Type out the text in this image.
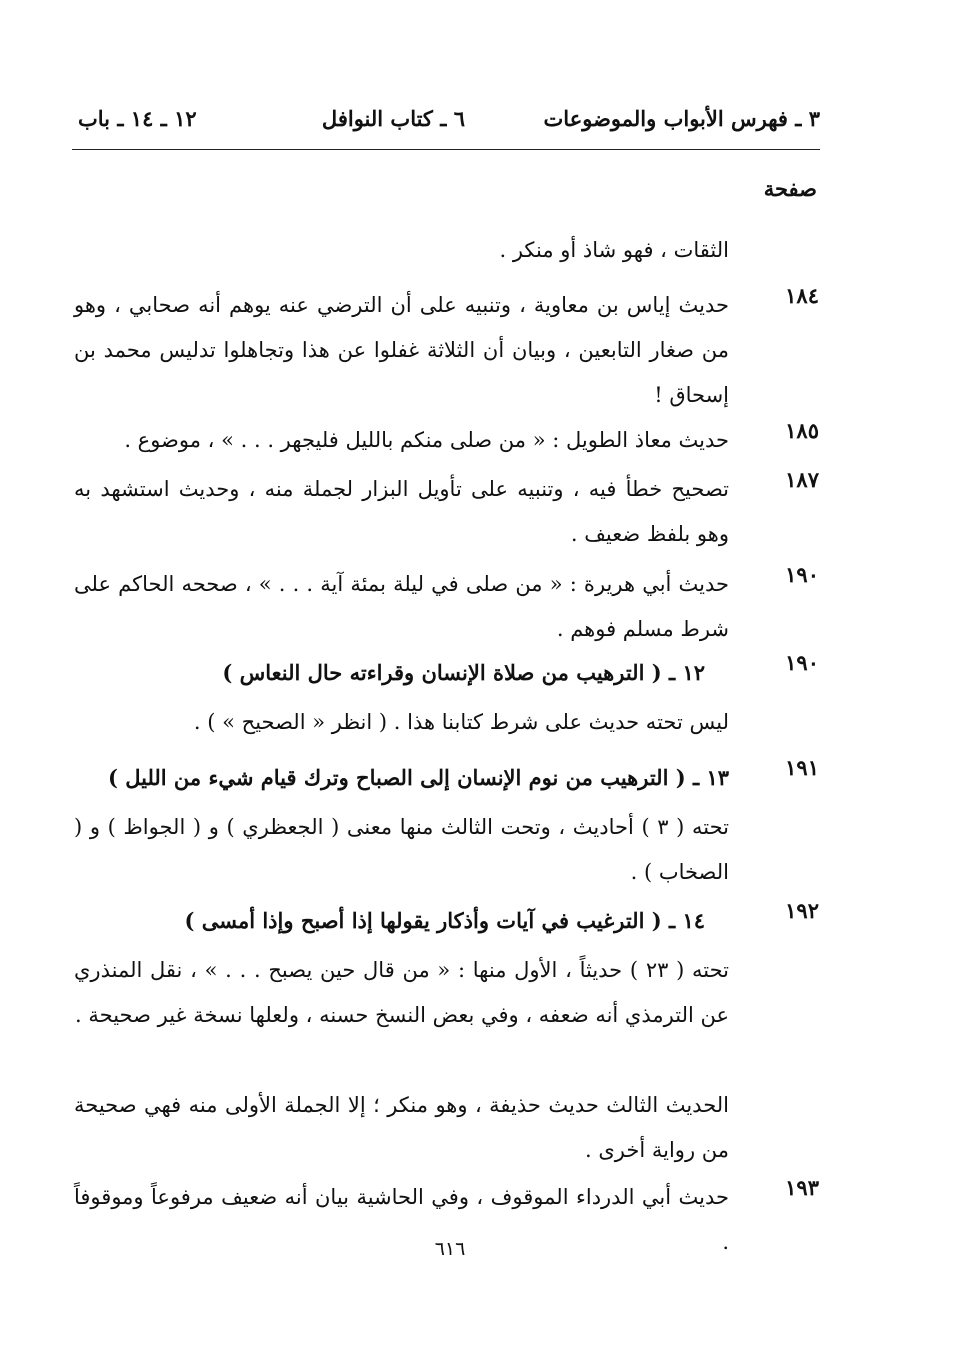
٣ ـ فهرس الأبواب والموضوعات
٦ ـ كتاب النوافل
١٢ ـ ١٤ ـ باب
صفحة
الثقات ، فهو شاذ أو منكر .
١٨٤
حديث إياس بن معاوية ، وتنبيه على أن الترضي عنه يوهم أنه صحابي ، وهو من صغار التابعين ، وبيان أن الثلاثة غفلوا عن هذا وتجاهلوا تدليس محمد بن إسحاق !
١٨٥
حديث معاذ الطويل : « من صلى منكم بالليل فليجهر . . . » ، موضوع .
١٨٧
تصحيح خطأ فيه ، وتنبيه على تأويل البزار لجملة منه ، وحديث استشهد به وهو بلفظ ضعيف .
١٩٠
حديث أبي هريرة : « من صلى في ليلة بمئة آية . . . » ، صححه الحاكم على شرط مسلم فوهم .
١٩٠
١٢ ـ ( الترهيب من صلاة الإنسان وقراءته حال النعاس )
ليس تحته حديث على شرط كتابنا هذا . ( انظر « الصحيح » ) .
١٩١
١٣ ـ ( الترهيب من نوم الإنسان إلى الصباح وترك قيام شيء من الليل )
تحته ( ٣ ) أحاديث ، وتحت الثالث منها معنى ( الجعظري ) و ( الجواظ ) و ( الصخاب ) .
١٩٢
١٤ ـ ( الترغيب في آيات وأذكار يقولها إذا أصبح وإذا أمسى )
تحته ( ٢٣ ) حديثاً ، الأول منها : « من قال حين يصبح . . . » ، نقل المنذري عن الترمذي أنه ضعفه ، وفي بعض النسخ حسنه ، ولعلها نسخة غير صحيحة .
الحديث الثالث حديث حذيفة ، وهو منكر ؛ إلا الجملة الأولى منه فهي صحيحة من رواية أخرى .
١٩٣
حديث أبي الدرداء الموقوف ، وفي الحاشية بيان أنه ضعيف مرفوعاً وموقوفاً .
٦١٦
